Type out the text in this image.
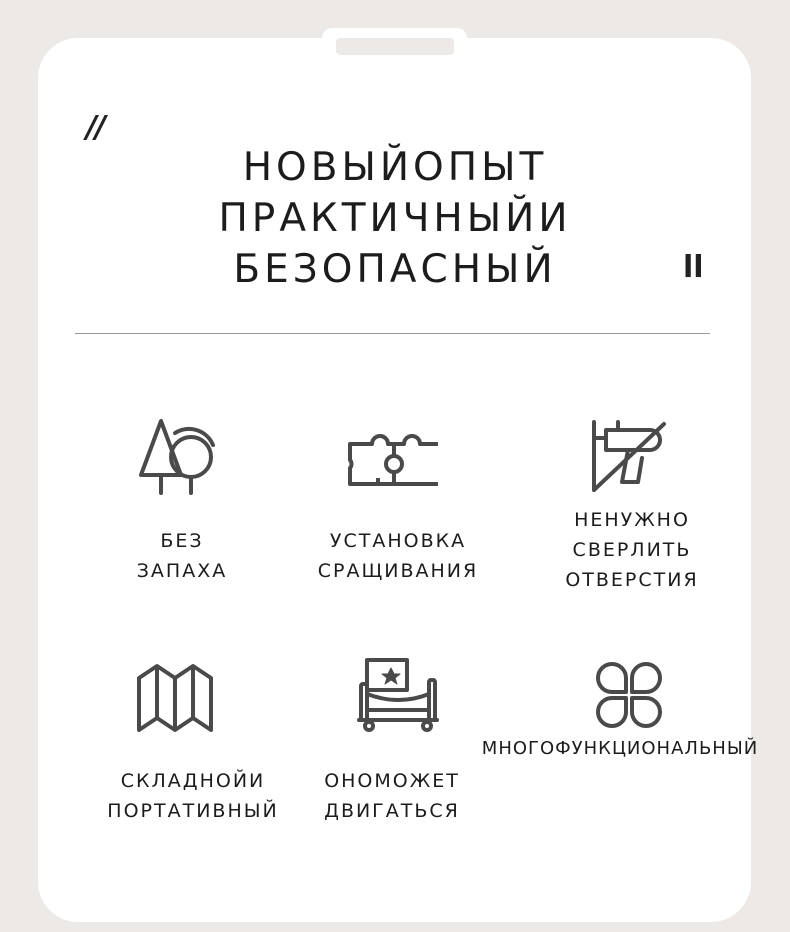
//
ll
НОВЫЙОПЫТ
ПРАКТИЧНЫЙИ
БЕЗОПАСНЫЙ
БЕЗ
ЗАПАХА
УСТАНОВКА
СРАЩИВАНИЯ
НЕНУЖНО
СВЕРЛИТЬ
ОТВЕРСТИЯ
СКЛАДНОЙИ
ПОРТАТИВНЫЙ
ОНОМОЖЕТ
ДВИГАТЬСЯ
МНОГОФУНКЦИОНАЛЬНЫЙ
